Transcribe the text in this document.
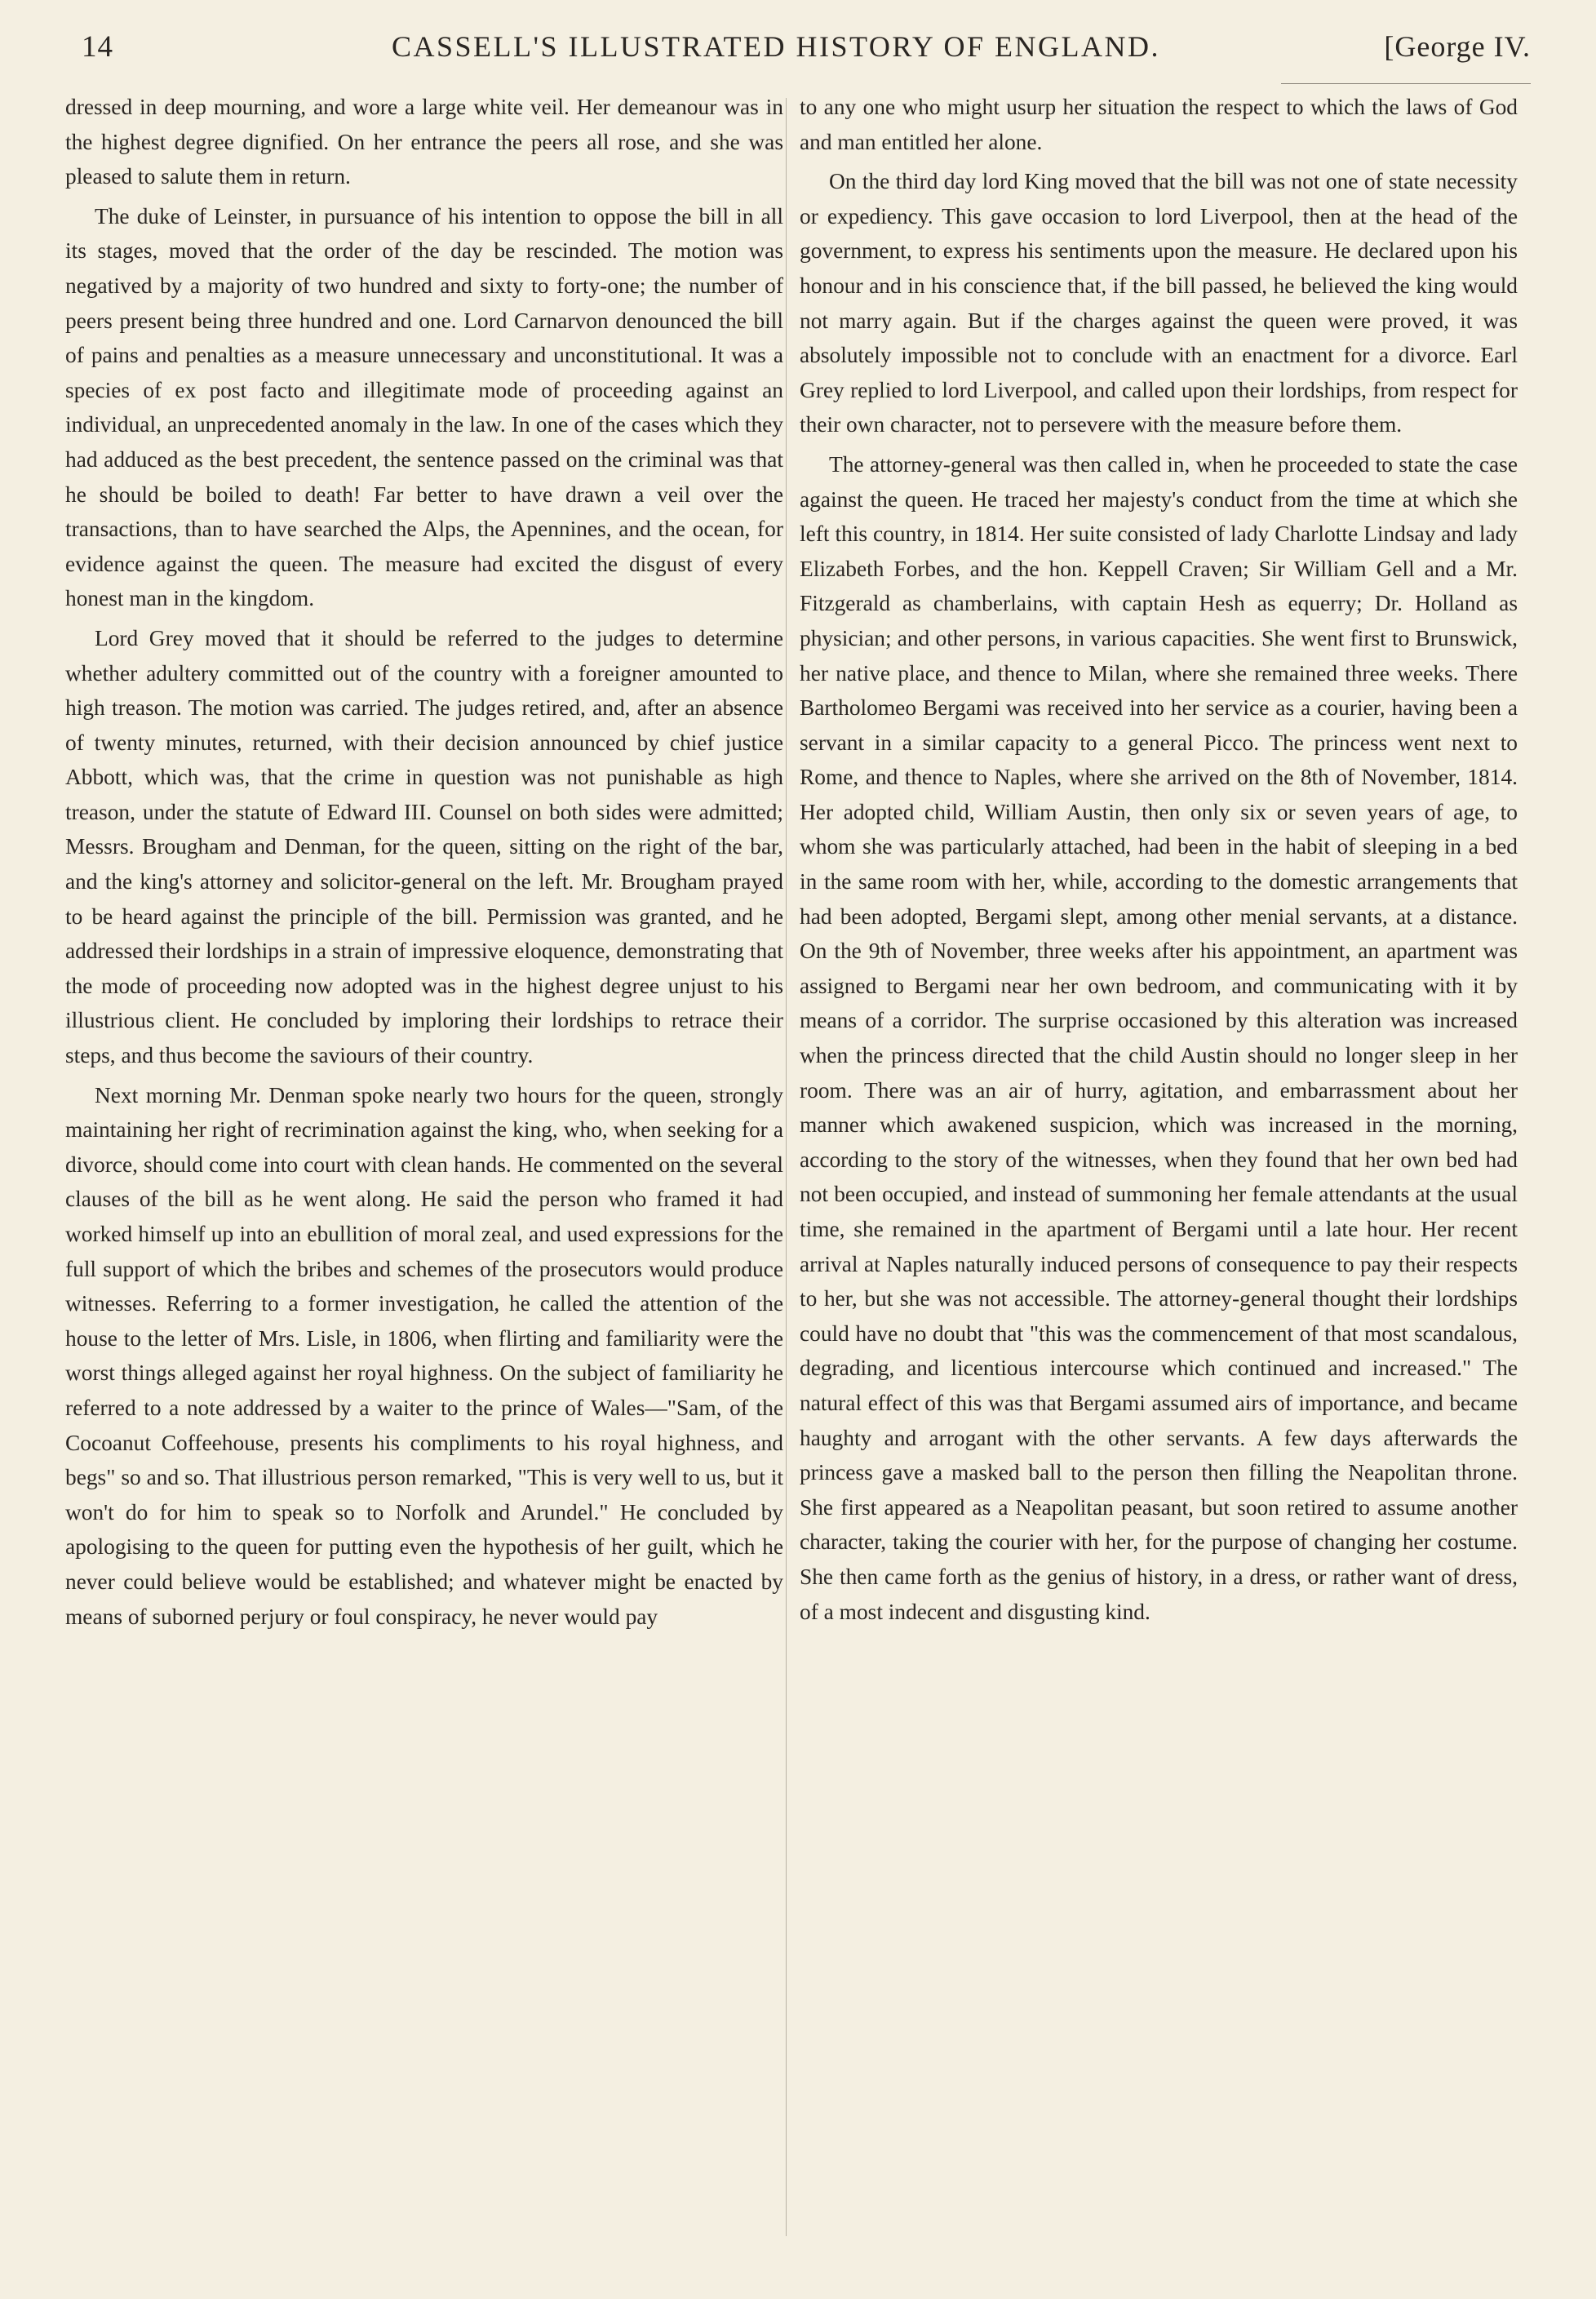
14	CASSELL'S ILLUSTRATED HISTORY OF ENGLAND.	[George IV.

dressed in deep mourning, and wore a large white veil. Her demeanour was in the highest degree dignified. On her entrance the peers all rose, and she was pleased to salute them in return.

The duke of Leinster, in pursuance of his intention to oppose the bill in all its stages, moved that the order of the day be rescinded. The motion was negatived by a majority of two hundred and sixty to forty-one; the number of peers present being three hundred and one. Lord Carnarvon denounced the bill of pains and penalties as a measure unnecessary and unconstitutional. It was a species of ex post facto and illegitimate mode of proceeding against an individual, an unprecedented anomaly in the law. In one of the cases which they had adduced as the best precedent, the sentence passed on the criminal was that he should be boiled to death! Far better to have drawn a veil over the transactions, than to have searched the Alps, the Apennines, and the ocean, for evidence against the queen. The measure had excited the disgust of every honest man in the kingdom.

Lord Grey moved that it should be referred to the judges to determine whether adultery committed out of the country with a foreigner amounted to high treason. The motion was carried. The judges retired, and, after an absence of twenty minutes, returned, with their decision announced by chief justice Abbott, which was, that the crime in question was not punishable as high treason, under the statute of Edward III. Counsel on both sides were admitted; Messrs. Brougham and Denman, for the queen, sitting on the right of the bar, and the king's attorney and solicitor-general on the left. Mr. Brougham prayed to be heard against the principle of the bill. Permission was granted, and he addressed their lordships in a strain of impressive eloquence, demonstrating that the mode of proceeding now adopted was in the highest degree unjust to his illustrious client. He concluded by imploring their lordships to retrace their steps, and thus become the saviours of their country.

Next morning Mr. Denman spoke nearly two hours for the queen, strongly maintaining her right of recrimination against the king, who, when seeking for a divorce, should come into court with clean hands. He commented on the several clauses of the bill as he went along. He said the person who framed it had worked himself up into an ebullition of moral zeal, and used expressions for the full support of which the bribes and schemes of the prosecutors would produce witnesses. Referring to a former investigation, he called the attention of the house to the letter of Mrs. Lisle, in 1806, when flirting and familiarity were the worst things alleged against her royal highness. On the subject of familiarity he referred to a note addressed by a waiter to the prince of Wales—"Sam, of the Cocoanut Coffeehouse, presents his compliments to his royal highness, and begs" so and so. That illustrious person remarked, "This is very well to us, but it won't do for him to speak so to Norfolk and Arundel." He concluded by apologising to the queen for putting even the hypothesis of her guilt, which he never could believe would be established; and whatever might be enacted by means of suborned perjury or foul conspiracy, he never would pay

to any one who might usurp her situation the respect to which the laws of God and man entitled her alone.

On the third day lord King moved that the bill was not one of state necessity or expediency. This gave occasion to lord Liverpool, then at the head of the government, to express his sentiments upon the measure. He declared upon his honour and in his conscience that, if the bill passed, he believed the king would not marry again. But if the charges against the queen were proved, it was absolutely impossible not to conclude with an enactment for a divorce. Earl Grey replied to lord Liverpool, and called upon their lordships, from respect for their own character, not to persevere with the measure before them.

The attorney-general was then called in, when he proceeded to state the case against the queen. He traced her majesty's conduct from the time at which she left this country, in 1814. Her suite consisted of lady Charlotte Lindsay and lady Elizabeth Forbes, and the hon. Keppell Craven; Sir William Gell and a Mr. Fitzgerald as chamberlains, with captain Hesh as equerry; Dr. Holland as physician; and other persons, in various capacities. She went first to Brunswick, her native place, and thence to Milan, where she remained three weeks. There Bartholomeo Bergami was received into her service as a courier, having been a servant in a similar capacity to a general Picco. The princess went next to Rome, and thence to Naples, where she arrived on the 8th of November, 1814. Her adopted child, William Austin, then only six or seven years of age, to whom she was particularly attached, had been in the habit of sleeping in a bed in the same room with her, while, according to the domestic arrangements that had been adopted, Bergami slept, among other menial servants, at a distance. On the 9th of November, three weeks after his appointment, an apartment was assigned to Bergami near her own bedroom, and communicating with it by means of a corridor. The surprise occasioned by this alteration was increased when the princess directed that the child Austin should no longer sleep in her room. There was an air of hurry, agitation, and embarrassment about her manner which awakened suspicion, which was increased in the morning, according to the story of the witnesses, when they found that her own bed had not been occupied, and instead of summoning her female attendants at the usual time, she remained in the apartment of Bergami until a late hour. Her recent arrival at Naples naturally induced persons of consequence to pay their respects to her, but she was not accessible. The attorney-general thought their lordships could have no doubt that "this was the commencement of that most scandalous, degrading, and licentious intercourse which continued and increased." The natural effect of this was that Bergami assumed airs of importance, and became haughty and arrogant with the other servants. A few days afterwards the princess gave a masked ball to the person then filling the Neapolitan throne. She first appeared as a Neapolitan peasant, but soon retired to assume another character, taking the courier with her, for the purpose of changing her costume. She then came forth as the genius of history, in a dress, or rather want of dress, of a most indecent and disgusting kind.
